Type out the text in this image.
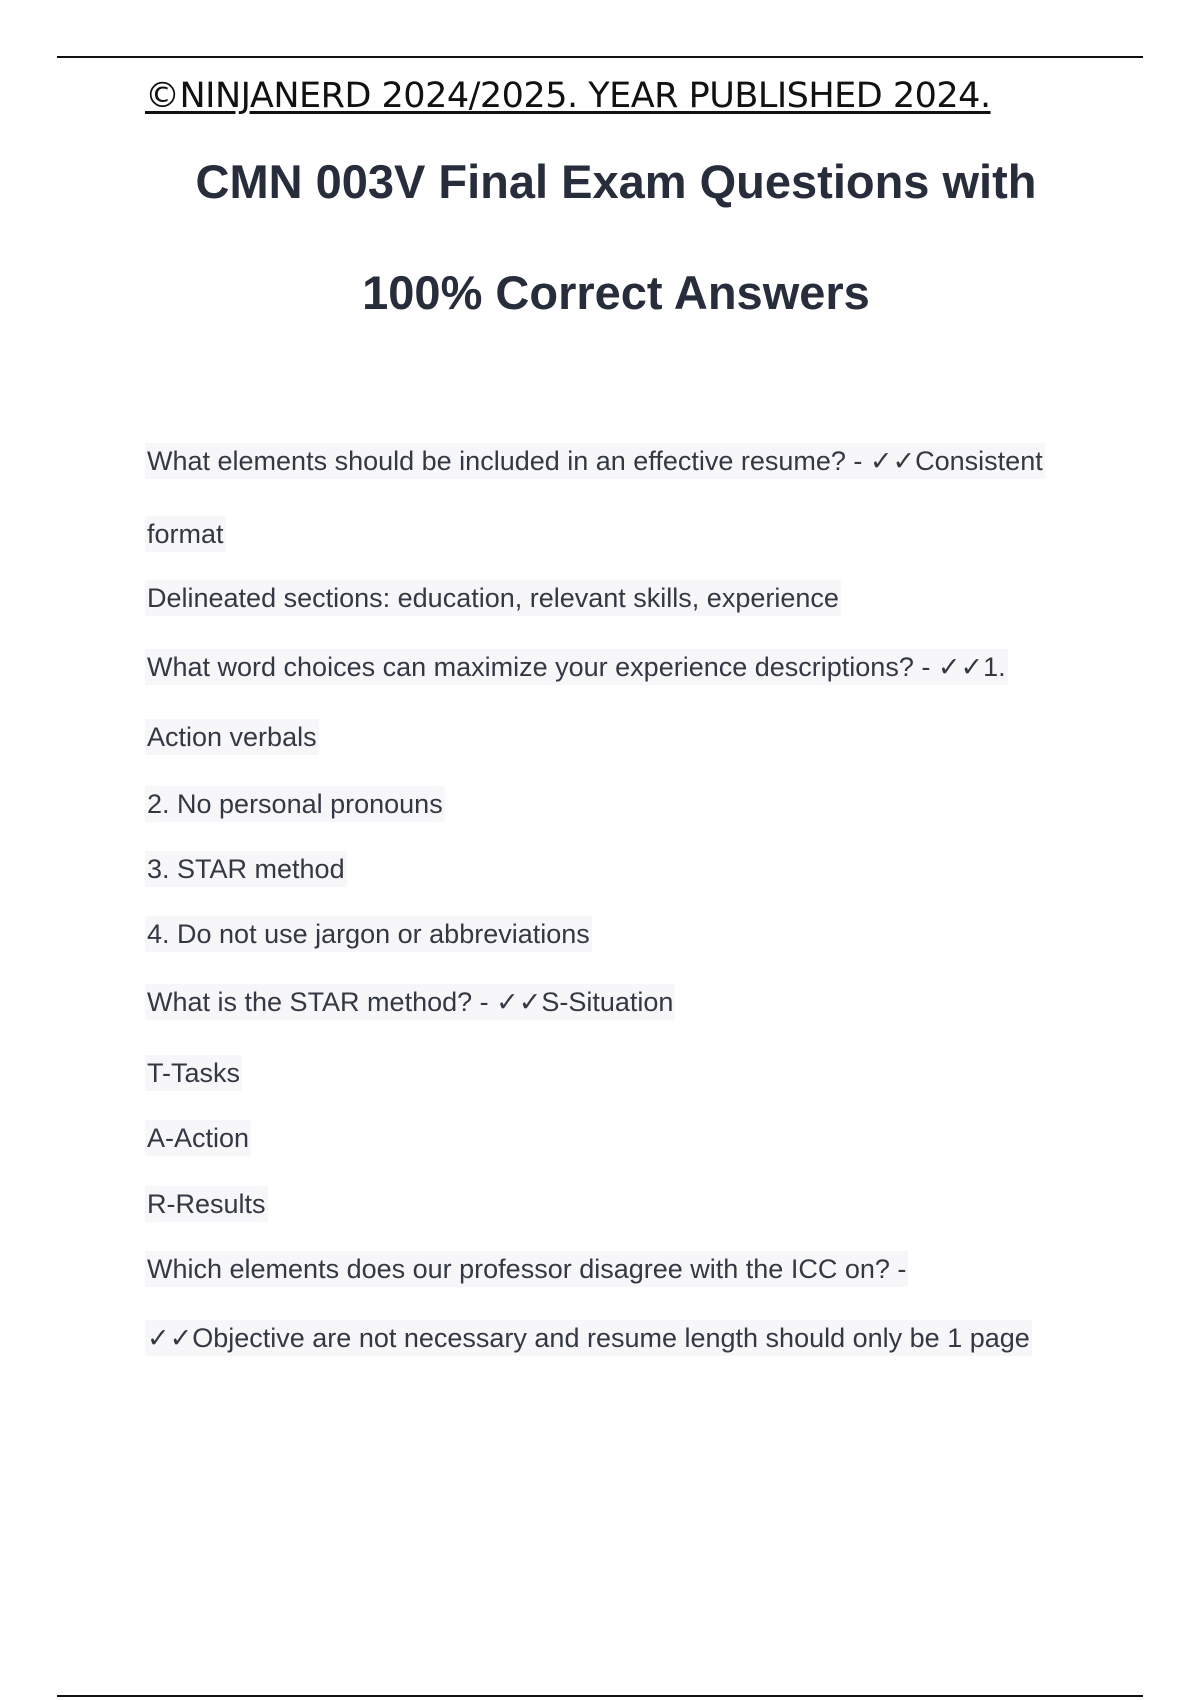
©NINJANERD 2024/2025. YEAR PUBLISHED 2024.
CMN 003V Final Exam Questions with
100% Correct Answers
What elements should be included in an effective resume? - ✓✓Consistent
format
Delineated sections: education, relevant skills, experience
What word choices can maximize your experience descriptions? - ✓✓1.
Action verbals
2. No personal pronouns
3. STAR method
4. Do not use jargon or abbreviations
What is the STAR method? - ✓✓S-Situation
T-Tasks
A-Action
R-Results
Which elements does our professor disagree with the ICC on? -
✓✓Objective are not necessary and resume length should only be 1 page
